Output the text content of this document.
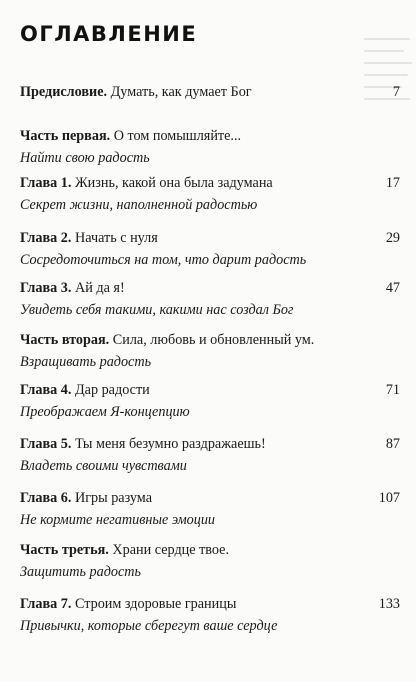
ОГЛАВЛЕНИЕ
Предисловие. Думать, как думает Бог	7
Часть первая. О том помышляйте...
Найти свою радость
Глава 1. Жизнь, какой она была задумана	17
Секрет жизни, наполненной радостью
Глава 2. Начать с нуля	29
Сосредоточиться на том, что дарит радость
Глава 3. Ай да я!	47
Увидеть себя такими, какими нас создал Бог
Часть вторая. Сила, любовь и обновленный ум.
Взращивать радость
Глава 4. Дар радости	71
Преображаем Я-концепцию
Глава 5. Ты меня безумно раздражаешь!	87
Владеть своими чувствами
Глава 6. Игры разума	107
Не кормите негативные эмоции
Часть третья. Храни сердце твое.
Защитить радость
Глава 7. Строим здоровые границы	133
Привычки, которые сберегут ваше сердце
